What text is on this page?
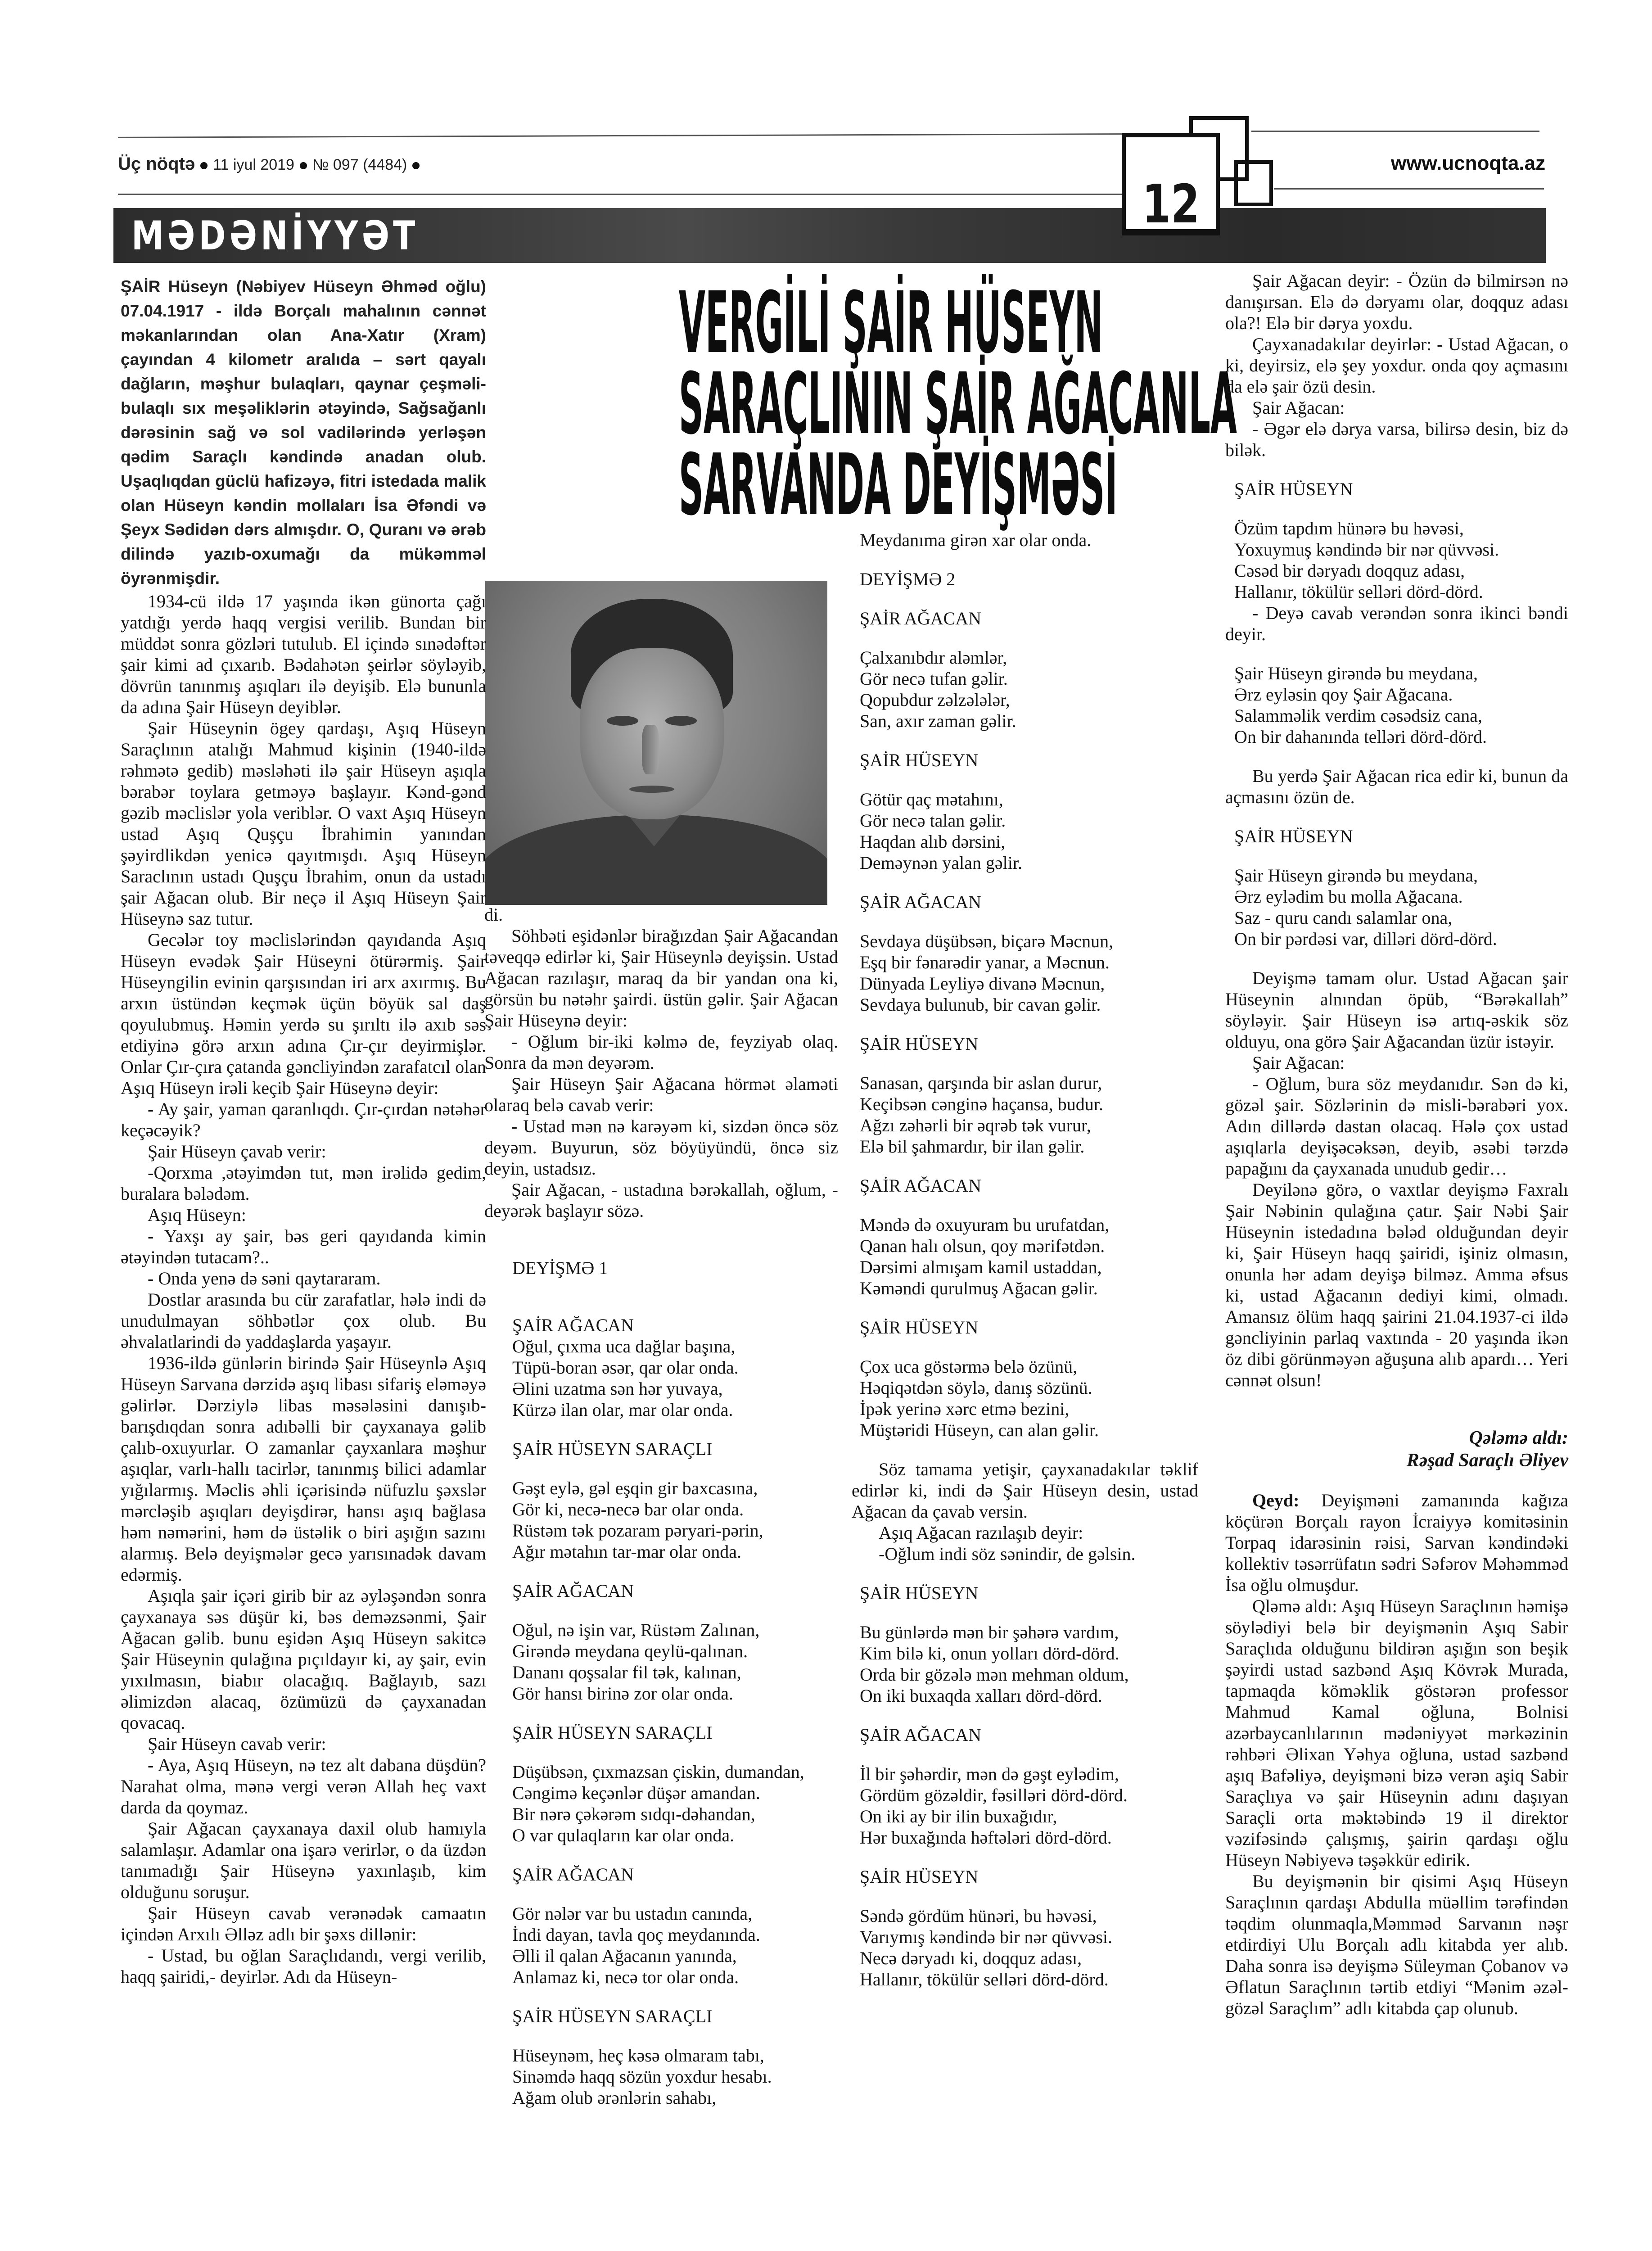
Üç nöqtə 11 iyul 2019 № 097 (4484)	www.ucnoqta.az
MƏDƏNİYYƏT
12
VERGİLİ ŞAİR HÜSEYN
SARAÇLININ ŞAİR AĞACANLA
SARVANDA DEYİŞMƏSİ

ŞAİR Hüseyn (Nəbiyev Hüseyn Əhməd oğlu) 07.04.1917 - ildə Borçalı mahalının cənnət məkanlarından olan Ana-Xatır (Xram) çayından 4 kilometr aralıda – sərt qayalı dağların, məşhur bulaqları, qaynar çeşməli-bulaqlı sıx meşəliklərin ətəyində, Sağsağanlı dərəsinin sağ və sol vadilərində yerləşən qədim Saraçlı kəndində anadan olub. Uşaqlıqdan güclü hafizəyə, fitri istedada malik olan Hüseyn kəndin mollaları İsa Əfəndi və Şeyx Sədidən dərs almışdır. O, Quranı və ərəb dilində yazıb-oxumağı da mükəmməl öyrənmişdir.

1934-cü ildə 17 yaşında ikən günorta çağı yatdığı yerdə haqq vergisi verilib. Bundan bir müddət sonra gözləri tutulub. El içində sınədəftər şair kimi ad çıxarıb. Bədahətən şeirlər söyləyib, dövrün tanınmış aşıqları ilə deyişib. Elə bununla da adına Şair Hüseyn deyiblər.

Şair Hüseynin ögey qardaşı, Aşıq Hüseyn Saraçlının atalığı Mahmud kişinin (1940-ildə rəhmətə gedib) məsləhəti ilə şair Hüseyn aşıqla bərabər toylara getməyə başlayır. Kənd-gənd gəzib məclislər yola veriblər. O vaxt Aşıq Hüseyn ustad Aşıq Quşçu İbrahimin yanından şəyirdlikdən yenicə qayıtmışdı. Aşıq Hüseyn Saraclının ustadı Quşçu İbrahim, onun da ustadı şair Ağacan olub. Bir neçə il Aşıq Hüseyn Şair Hüseynə saz tutur.

Gecələr toy məclislərindən qayıdanda Aşıq Hüseyn evədək Şair Hüseyni ötürərmiş. Şair Hüseyngilin evinin qarşısından iri arx axırmış. Bu arxın üstündən keçmək üçün böyük sal daş qoyulubmuş. Həmin yerdə su şırıltı ilə axıb səs etdiyinə görə arxın adına Çır-çır deyirmişlər. Onlar Çır-çıra çatanda gəncliyindən zarafatcıl olan Aşıq Hüseyn irəli keçib Şair Hüseynə deyir:

- Ay şair, yaman qaranlıqdı. Çır-çırdan nətəhər keçəcəyik?

Şair Hüseyn çavab verir:

-Qorxma ,ətəyimdən tut, mən irəlidə gedim, buralara bələdəm.

Aşıq Hüseyn:

- Yaxşı ay şair, bəs geri qayıdanda kimin ətəyindən tutacam?..

- Onda yenə də səni qaytararam.

Dostlar arasında bu cür zarafatlar, hələ indi də unudulmayan söhbətlər çox olub. Bu əhvalatlarindi də yaddaşlarda yaşayır.

1936-ildə günlərin birində Şair Hüseynlə Aşıq Hüseyn Sarvana dərzidə aşıq libası sifariş eləməyə gəlirlər. Dərziylə libas məsələsini danışıb-barışdıqdan sonra adıbəlli bir çayxanaya gəlib çalıb-oxuyurlar. O zamanlar çayxanlara məşhur aşıqlar, varlı-hallı tacirlər, tanınmış bilici adamlar yığılarmış. Məclis əhli içərisində nüfuzlu şəxslər mərcləşib aşıqları deyişdirər, hansı aşıq bağlasa həm nəmərini, həm də üstəlik o biri aşığın sazını alarmış. Belə deyişmələr gecə yarısınadək davam edərmiş.

Aşıqla şair içəri girib bir az əyləşəndən sonra çayxanaya səs düşür ki, bəs deməzsənmi, Şair Ağacan gəlib. bunu eşidən Aşıq Hüseyn sakitcə Şair Hüseynin qulağına pıçıldayır ki, ay şair, evin yıxılmasın, biabır olacağıq. Bağlayıb, sazı əlimizdən alacaq, özümüzü də çayxanadan qovacaq.

Şair Hüseyn cavab verir:

- Aya, Aşıq Hüseyn, nə tez alt dabana düşdün? Narahat olma, mənə vergi verən Allah heç vaxt darda da qoymaz.

Şair Ağacan çayxanaya daxil olub hamıyla salamlaşır. Adamlar ona işarə verirlər, o da üzdən tanımadığı Şair Hüseynə yaxınlaşıb, kim olduğunu soruşur.

Şair Hüseyn cavab verənədək camaatın içindən Arxılı Əlləz adlı bir şəxs dillənir:

- Ustad, bu oğlan Saraçlıdandı, vergi verilib, haqq şairidi,- deyirlər. Adı da Hüseyn-

di.

Söhbəti eşidənlər birağızdan Şair Ağacandan təveqqə edirlər ki, Şair Hüseynlə deyişsin. Ustad Ağacan razılaşır, maraq da bir yandan ona ki, görsün bu nətəhr şairdi. üstün gəlir. Şair Ağacan Şair Hüseynə deyir:

- Oğlum bir-iki kəlmə de, feyziyab olaq. Sonra da mən deyərəm.

Şair Hüseyn Şair Ağacana hörmət əlaməti olaraq belə cavab verir:

- Ustad mən nə karəyəm ki, sizdən öncə söz deyəm. Buyurun, söz böyüyündü, öncə siz deyin, ustadsız.

Şair Ağacan, - ustadına bərəkallah, oğlum, - deyərək başlayır sözə.

DEYİŞMƏ 1
ŞAİR AĞACAN
Oğul, çıxma uca dağlar başına,
Tüpü-boran əsər, qar olar onda.
Əlini uzatma sən hər yuvaya,
Kürzə ilan olar, mar olar onda.
ŞAİR HÜSEYN SARAÇLI
Gəşt eylə, gəl eşqin gir baxcasına,
Gör ki, necə-necə bar olar onda.
Rüstəm tək pozaram pəryari-pərin,
Ağır mətahın tar-mar olar onda.
ŞAİR AĞACAN
Oğul, nə işin var, Rüstəm Zalınan,
Girəndə meydana qeylü-qalınan.
Dananı qoşsalar fil tək, kalınan,
Gör hansı birinə zor olar onda.
ŞAİR HÜSEYN SARAÇLI
Düşübsən, çıxmazsan çiskin, dumandan,
Cəngimə keçənlər düşər amandan.
Bir nərə çəkərəm sıdqı-dəhandan,
O var qulaqların kar olar onda.
ŞAİR AĞACAN
Gör nələr var bu ustadın canında,
İndi dayan, tavla qoç meydanında.
Əlli il qalan Ağacanın yanında,
Anlamaz ki, necə tor olar onda.
ŞAİR HÜSEYN SARAÇLI
Hüseynəm, heç kəsə olmaram tabı,
Sinəmdə haqq sözün yoxdur hesabı.
Ağam olub ərənlərin sahabı,
Meydanıma girən xar olar onda.
DEYİŞMƏ 2
ŞAİR AĞACAN
Çalxanıbdır aləmlər,
Gör necə tufan gəlir.
Qopubdur zəlzələlər,
San, axır zaman gəlir.
ŞAİR HÜSEYN
Götür qaç mətahını,
Gör necə talan gəlir.
Haqdan alıb dərsini,
Deməynən yalan gəlir.
ŞAİR AĞACAN
Sevdaya düşübsən, biçarə Məcnun,
Eşq bir fənarədir yanar, a Məcnun.
Dünyada Leyliyə divanə Məcnun,
Sevdaya bulunub, bir cavan gəlir.
ŞAİR HÜSEYN
Sanasan, qarşında bir aslan durur,
Keçibsən cənginə haçansa, budur.
Ağzı zəhərli bir əqrəb tək vurur,
Elə bil şahmardır, bir ilan gəlir.
ŞAİR AĞACAN
Məndə də oxuyuram bu urufatdan,
Qanan halı olsun, qoy mərifətdən.
Dərsimi almışam kamil ustaddan,
Kəməndi qurulmuş Ağacan gəlir.
ŞAİR HÜSEYN
Çox uca göstərmə belə özünü,
Həqiqətdən söylə, danış sözünü.
İpək yerinə xərc etmə bezini,
Müştəridi Hüseyn, can alan gəlir.

Söz tamama yetişir, çayxanadakılar təklif edirlər ki, indi də Şair Hüseyn desin, ustad Ağacan da çavab versin.

Aşıq Ağacan razılaşıb deyir:

-Oğlum indi söz sənindir, de gəlsin.

ŞAİR HÜSEYN
Bu günlərdə mən bir şəhərə vardım,
Kim bilə ki, onun yolları dörd-dörd.
Orda bir gözələ mən mehman oldum,
On iki buxaqda xalları dörd-dörd.
ŞAİR AĞACAN
İl bir şəhərdir, mən də gəşt eylədim,
Gördüm gözəldir, fəsilləri dörd-dörd.
On iki ay bir ilin buxağıdır,
Hər buxağında həftələri dörd-dörd.
ŞAİR HÜSEYN
Səndə gördüm hünəri, bu həvəsi,
Varıymış kəndində bir nər qüvvəsi.
Necə dəryadı ki, doqquz adası,
Hallanır, tökülür selləri dörd-dörd.

Şair Ağacan deyir: - Özün də bilmirsən nə danışırsan. Elə də dəryamı olar, doqquz adası ola?! Elə bir dərya yoxdu.

Çayxanadakılar deyirlər: - Ustad Ağacan, o ki, deyirsiz, elə şey yoxdur. onda qoy açmasını da elə şair özü desin.

Şair Ağacan:

- Əgər elə dərya varsa, bilirsə desin, biz də bilək.

ŞAİR HÜSEYN
Özüm tapdım hünərə bu həvəsi,
Yoxuymuş kəndində bir nər qüvvəsi.
Cəsəd bir dəryadı doqquz adası,
Hallanır, tökülür selləri dörd-dörd.

- Deyə cavab verəndən sonra ikinci bəndi deyir.

Şair Hüseyn girəndə bu meydana,
Ərz eyləsin qoy Şair Ağacana.
Salamməlik verdim cəsədsiz cana,
On bir dahanında telləri dörd-dörd.

Bu yerdə Şair Ağacan rica edir ki, bunun da açmasını özün de.

ŞAİR HÜSEYN
Şair Hüseyn girəndə bu meydana,
Ərz eylədim bu molla Ağacana.
Saz - quru candı salamlar ona,
On bir pərdəsi var, dilləri dörd-dörd.

Deyişmə tamam olur. Ustad Ağacan şair Hüseynin alnından öpüb, “Bərəkallah” söyləyir. Şair Hüseyn isə artıq-əskik söz olduyu, ona görə Şair Ağacandan üzür istəyir.

Şair Ağacan:

- Oğlum, bura söz meydanıdır. Sən də ki, gözəl şair. Sözlərinin də misli-bərabəri yox. Adın dillərdə dastan olacaq. Hələ çox ustad aşıqlarla deyişəcəksən, deyib, əsəbi tərzdə papağını da çayxanada unudub gedir…

Deyilənə görə, o vaxtlar deyişmə Faxralı Şair Nəbinin qulağına çatır. Şair Nəbi Şair Hüseynin istedadına bələd olduğundan deyir ki, Şair Hüseyn haqq şairidi, işiniz olmasın, onunla hər adam deyişə bilməz. Amma əfsus ki, ustad Ağacanın dediyi kimi, olmadı. Amansız ölüm haqq şairini 21.04.1937-ci ildə gəncliyinin parlaq vaxtında - 20 yaşında ikən öz dibi görünməyən ağuşuna alıb apardı… Yeri cənnət olsun!

Qələmə aldı:

Rəşad Saraçlı Əliyev

Qeyd: Deyişməni zamanında kağıza köçürən Borçalı rayon İcraiyyə komitəsinin Torpaq idarəsinin rəisi, Sarvan kəndindəki kollektiv təsərrüfatın sədri Səfərov Məhəmməd İsa oğlu olmuşdur.

Qləmə aldı: Aşıq Hüseyn Saraçlının həmişə söylədiyi belə bir deyişmənin Aşıq Sabir Saraçlıda olduğunu bildirən aşığın son beşik şəyirdi ustad sazbənd Aşıq Kövrək Murada, tapmaqda köməklik göstərən professor Mahmud Kamal oğluna, Bolnisi azərbaycanlılarının mədəniyyət mərkəzinin rəhbəri Əlixan Yəhya oğluna, ustad sazbənd aşıq Bafəliyə, deyişməni bizə verən aşiq Sabir Saraçlıya və şair Hüseynin adını daşıyan Saraçli orta məktəbində 19 il direktor vəzifəsində çalışmış, şairin qardaşı oğlu Hüseyn Nəbiyevə təşəkkür edirik.

Bu deyişmənin bir qisimi Aşıq Hüseyn Saraçlının qardaşı Abdulla müəllim tərəfindən təqdim olunmaqla,Məmməd Sarvanın nəşr etdirdiyi Ulu Borçalı adlı kitabda yer alıb. Daha sonra isə deyişmə Süleyman Çobanov və Əflatun Saraçlının tərtib etdiyi “Mənim əzəl-gözəl Saraçlım” adlı kitabda çap olunub.
